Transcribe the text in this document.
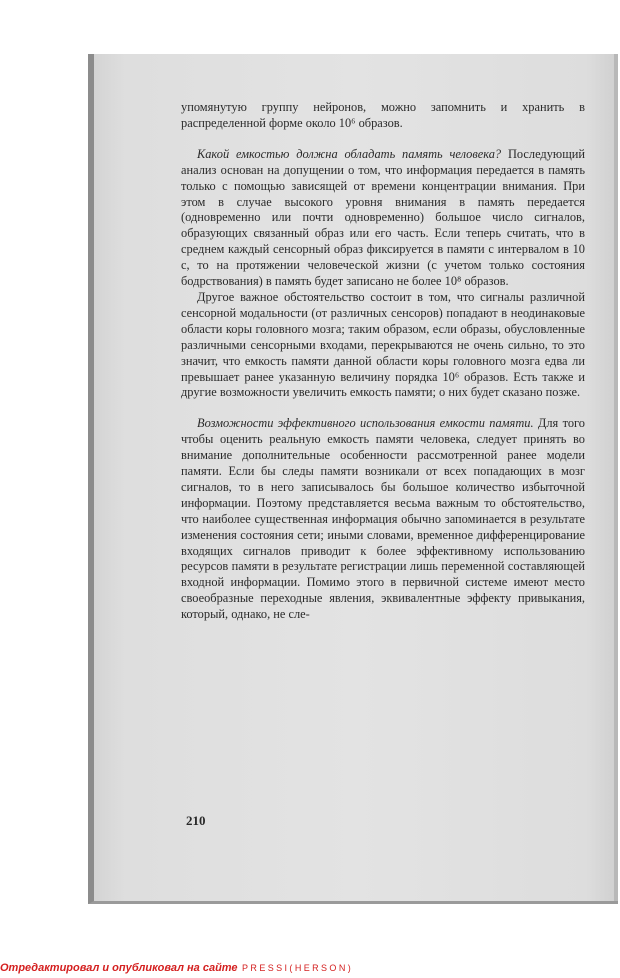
упомянутую группу нейронов, можно запомнить и хранить в распределенной форме около 10⁶ образов.

Какой емкостью должна обладать память человека? Последующий анализ основан на допущении о том, что информация передается в память только с помощью зависящей от времени концентрации внимания. При этом в случае высокого уровня внимания в память передается (одновременно или почти одновременно) большое число сигналов, образующих связанный образ или его часть. Если теперь считать, что в среднем каждый сенсорный образ фиксируется в памяти с интервалом в 10 с, то на протяжении человеческой жизни (с учетом только состояния бодрствования) в память будет записано не более 10⁸ образов.

Другое важное обстоятельство состоит в том, что сигналы различной сенсорной модальности (от различных сенсоров) попадают в неодинаковые области коры головного мозга; таким образом, если образы, обусловленные различными сенсорными входами, перекрываются не очень сильно, то это значит, что емкость памяти данной области коры головного мозга едва ли превышает ранее указанную величину порядка 10⁶ образов. Есть также и другие возможности увеличить емкость памяти; о них будет сказано позже.

Возможности эффективного использования емкости памяти. Для того чтобы оценить реальную емкость памяти человека, следует принять во внимание дополнительные особенности рассмотренной ранее модели памяти. Если бы следы памяти возникали от всех попадающих в мозг сигналов, то в него записывалось бы большое количество избыточной информации. Поэтому представляется весьма важным то обстоятельство, что наиболее существенная информация обычно запоминается в результате изменения состояния сети; иными словами, временное дифференцирование входящих сигналов приводит к более эффективному использованию ресурсов памяти в результате регистрации лишь переменной составляющей входной информации. Помимо этого в первичной системе имеют место своеобразные переходные явления, эквивалентные эффекту привыкания, который, однако, не сле-

210
Отредактировал и опубликовал на сайте PRESSI(HERSON)
